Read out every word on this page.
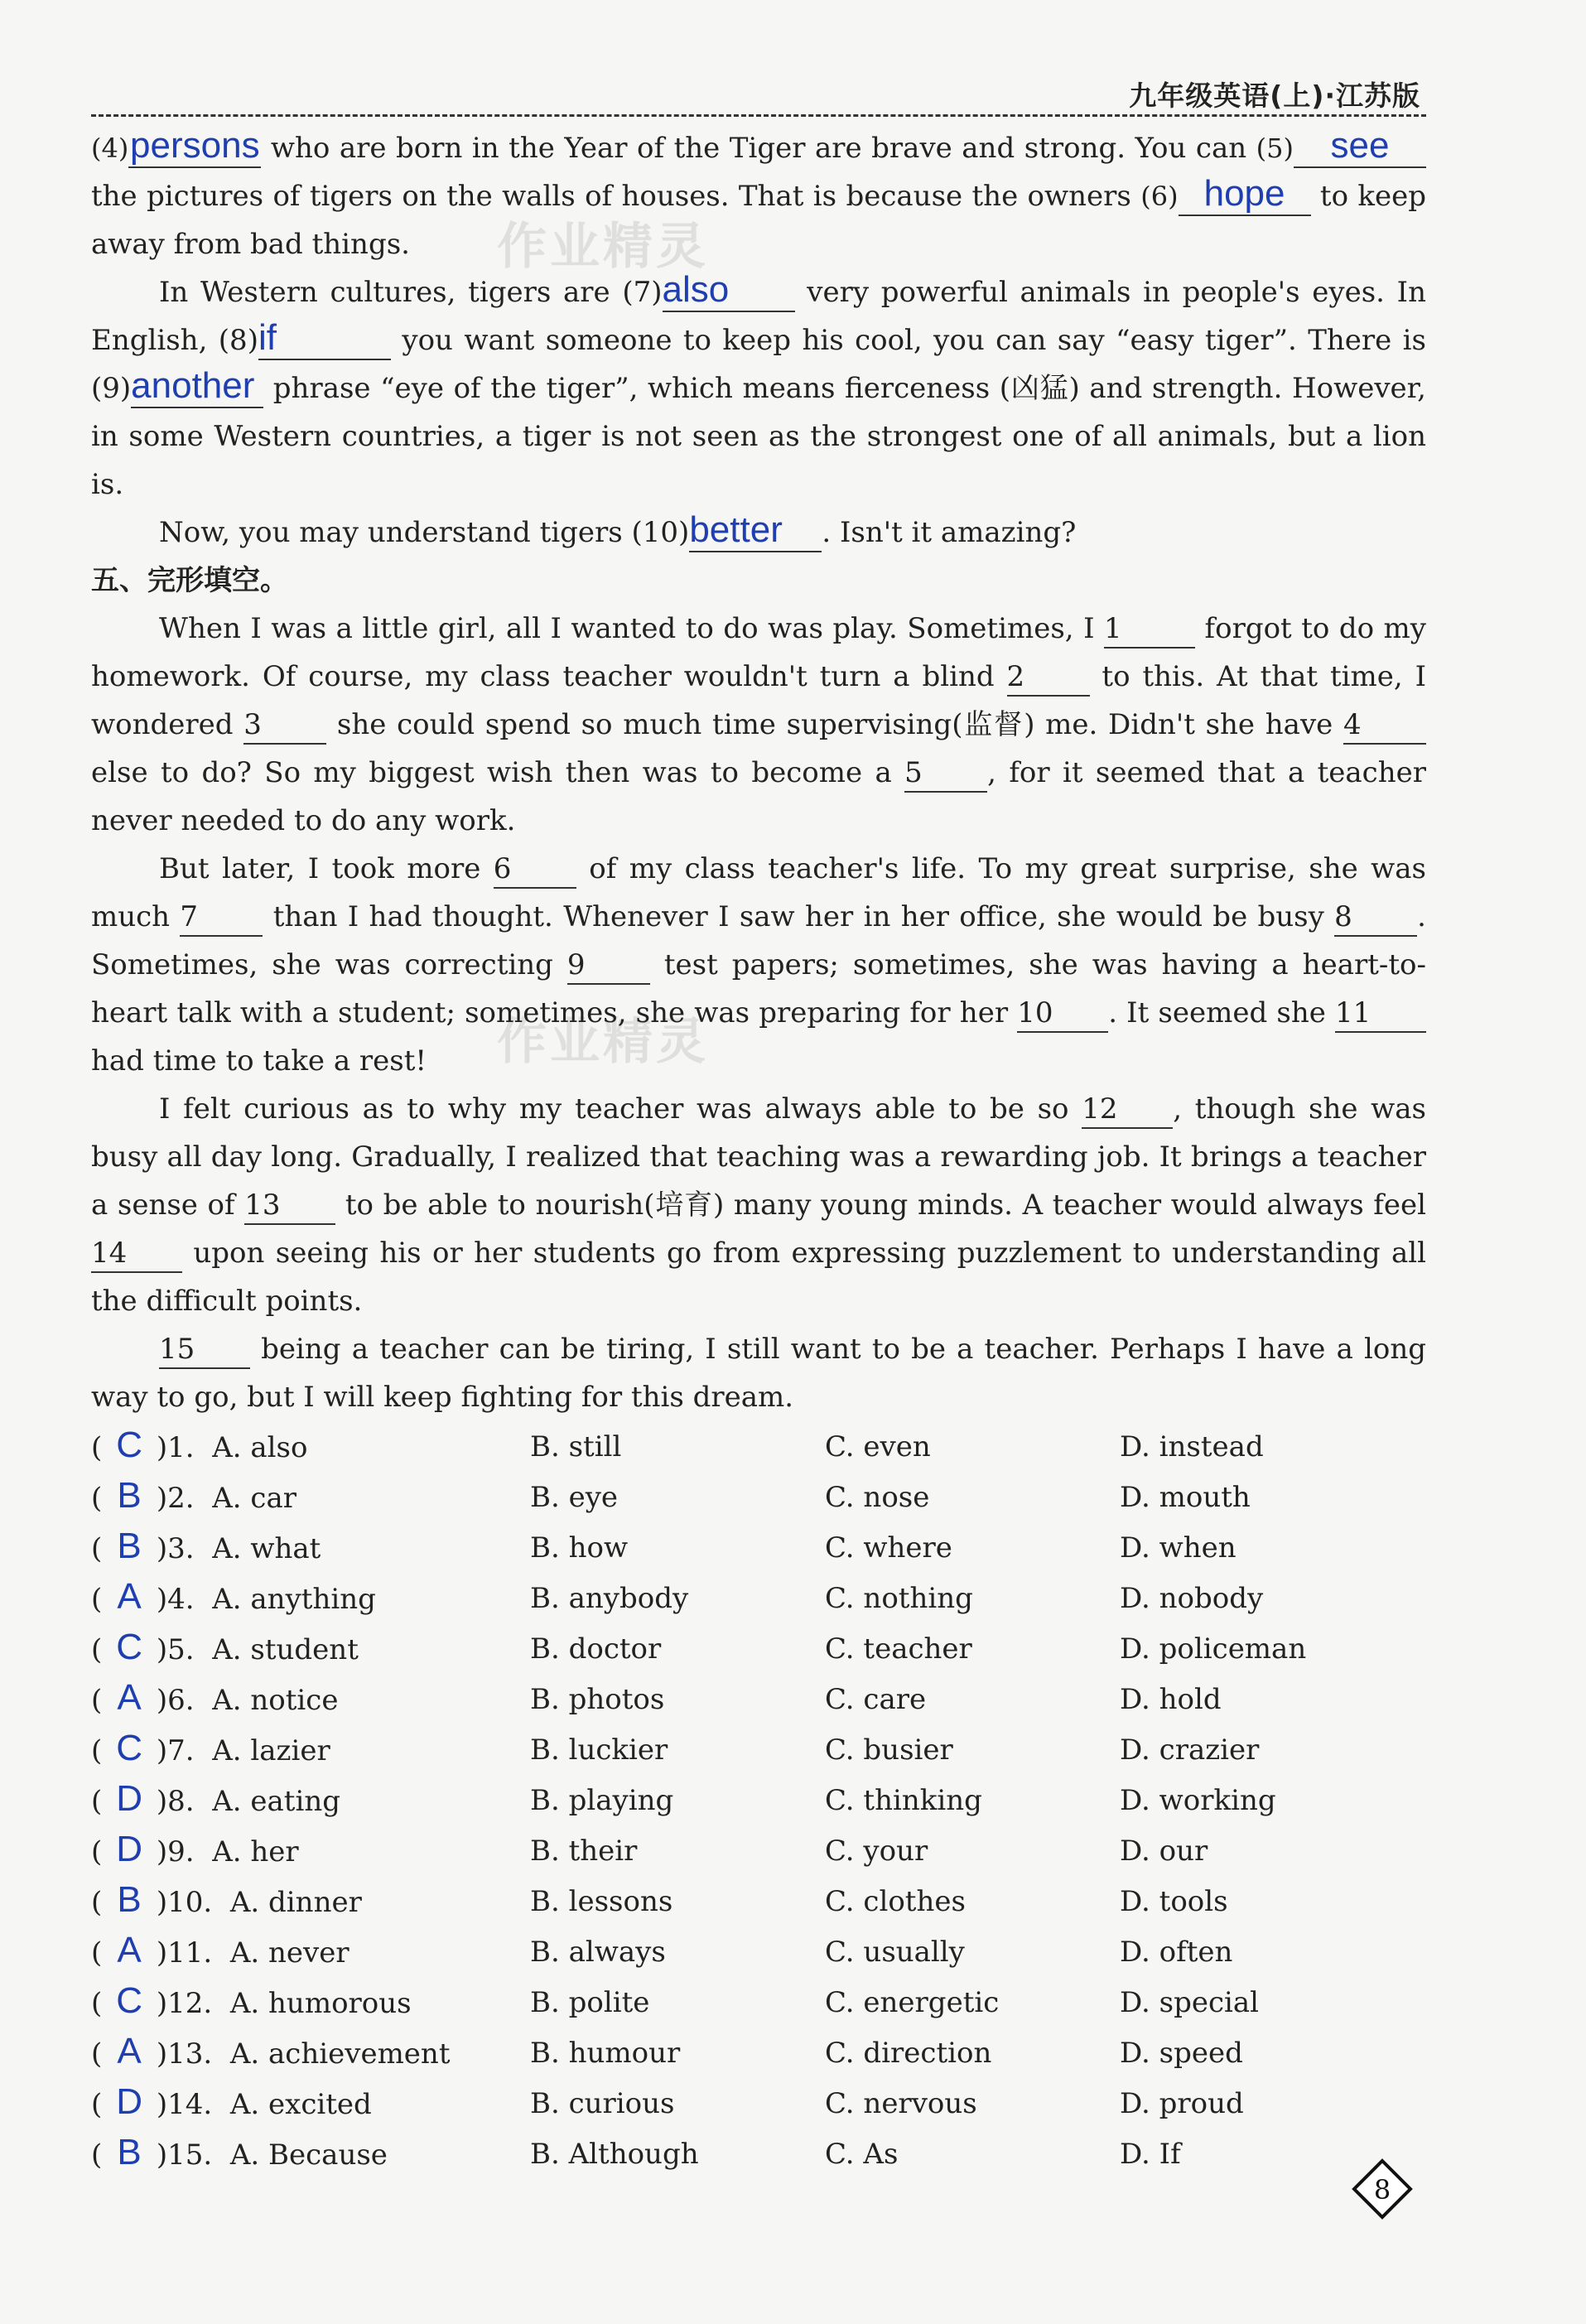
九年级英语(上)·江苏版
作业精灵
作业精灵

(4)persons who are born in the Year of the Tiger are brave and strong. You can (5) see the pictures of tigers on the walls of houses. That is because the owners (6) hope to keep away from bad things.

In Western cultures, tigers are (7)also very powerful animals in people's eyes. In English, (8)if	you want someone to keep his cool, you can say “easy tiger”. There is (9)another phrase “eye of the tiger”, which means fierceness (凶猛) and strength. However, in some Western countries, a tiger is not seen as the strongest one of all animals, but a lion is.

Now, you may understand tigers (10)better . Isn't it amazing?

五、完形填空。

When I was a little girl, all I wanted to do was play. Sometimes, I 1	forgot to do my homework. Of course, my class teacher wouldn't turn a blind 2 to this. At that time, I wondered 3 she could spend so much time supervising(监督) me. Didn't she have 4 else to do? So my biggest wish then was to become a 5 , for it seemed that a teacher never needed to do any work.

But later, I took more 6 of my class teacher's life. To my great surprise, she was much 7 than I had thought. Whenever I saw her in her office, she would be busy 8 . Sometimes, she was correcting 9 test papers; sometimes, she was having a heart-to-heart talk with a student; sometimes, she was preparing for her 10 . It seemed she 11 had time to take a rest!

I felt curious as to why my teacher was always able to be so 12 , though she was busy all day long. Gradually, I realized that teaching was a rewarding job. It brings a teacher a sense of 13 to be able to nourish(培育) many young minds. A teacher would always feel 14 upon seeing his or her students go from expressing puzzlement to understanding all the difficult points.

15 being a teacher can be tiring, I still want to be a teacher. Perhaps I have a long way to go, but I will keep fighting for this dream.

( C )1. A. also	B. still	C. even	D. instead
( B )2. A. car	B. eye	C. nose	D. mouth
( B )3. A. what	B. how	C. where	D. when
( A )4. A. anything	B. anybody	C. nothing	D. nobody
( C )5. A. student	B. doctor	C. teacher	D. policeman
( A )6. A. notice	B. photos	C. care	D. hold
( C )7. A. lazier	B. luckier	C. busier	D. crazier
( D )8. A. eating	B. playing	C. thinking	D. working
( D )9. A. her	B. their	C. your	D. our
( B )10. A. dinner	B. lessons	C. clothes	D. tools
( A )11. A. never	B. always	C. usually	D. often
( C )12. A. humorous	B. polite	C. energetic	D. special
( A )13. A. achievement	B. humour	C. direction	D. speed
( D )14. A. excited	B. curious	C. nervous	D. proud
( B )15. A. Because	B. Although	C. As	D. If
8
